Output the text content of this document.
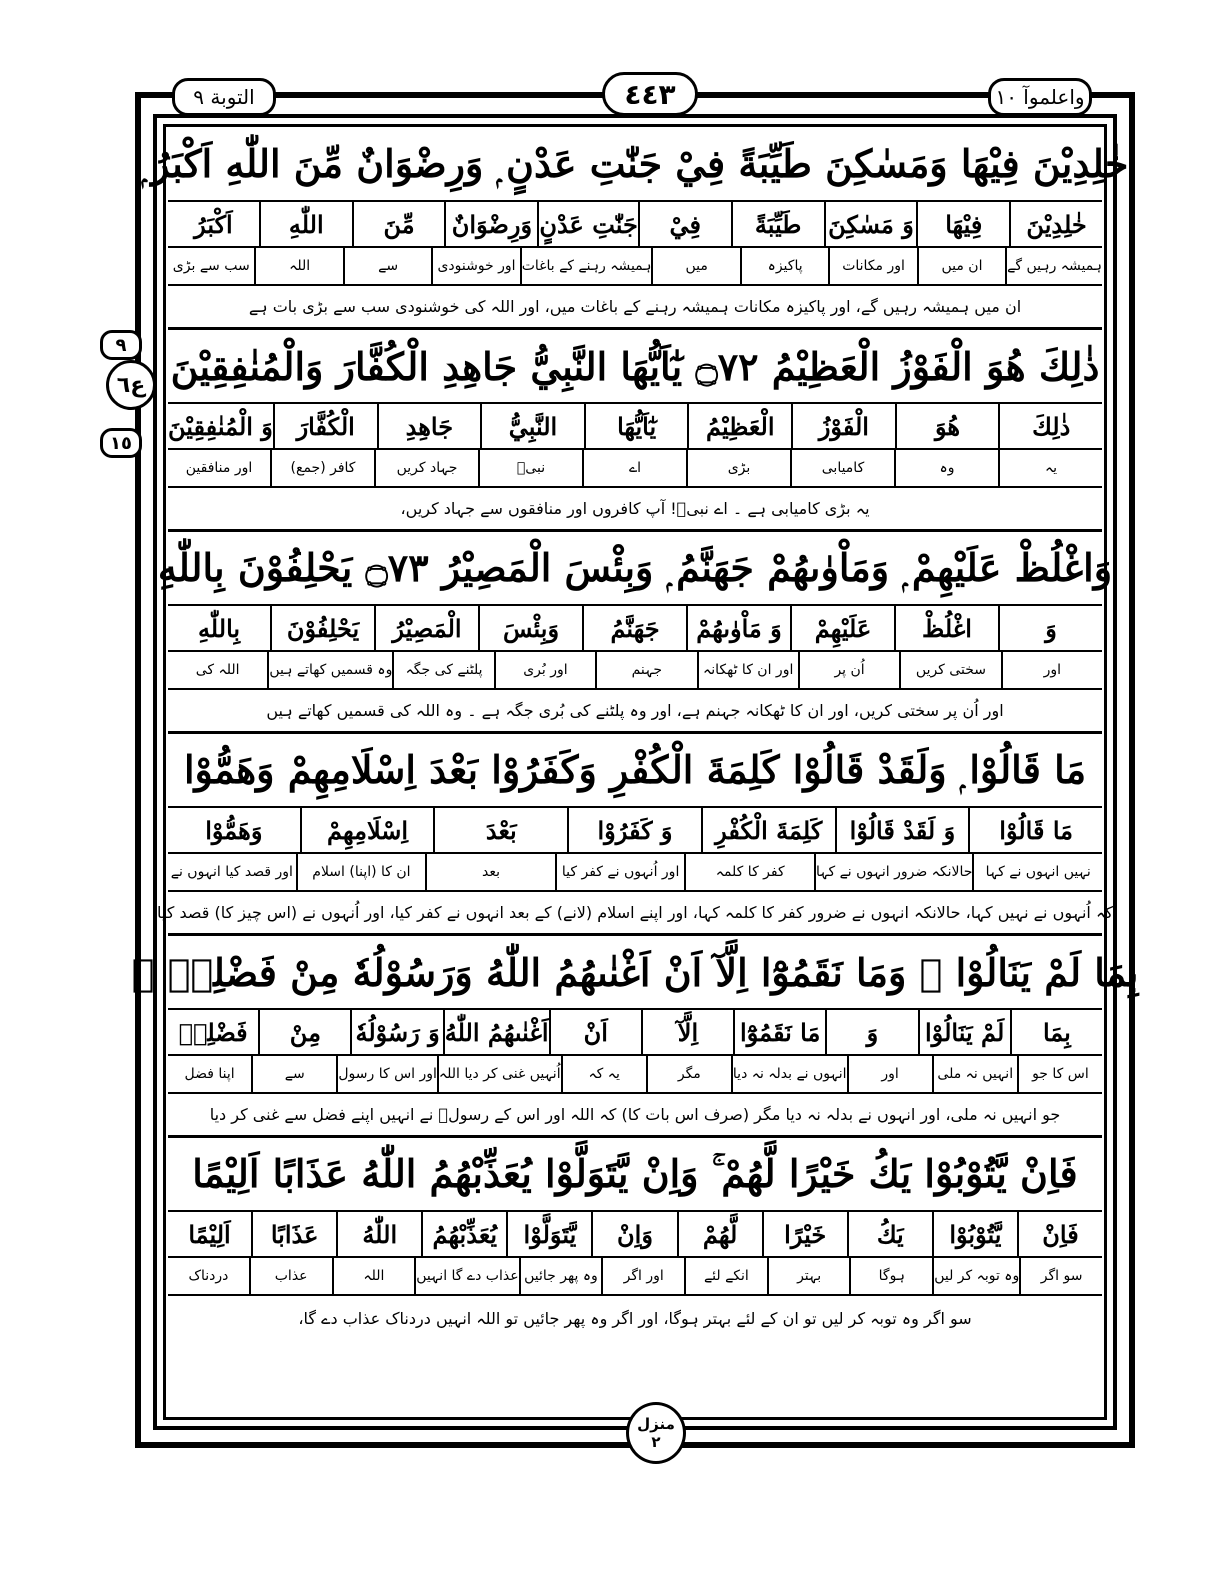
التوبة ٩	٤٤٣	واعلموآ ١٠
٩
ع٦
١٥
خٰلِدِيْنَ فِيْهَا وَمَسٰكِنَ طَيِّبَةً فِيْ جَنّٰتِ عَدْنٍ ۭ وَرِضْوَانٌ مِّنَ اللّٰهِ اَكْبَرُ ۭ
خٰلِدِيْنَ
فِيْهَا
وَ مَسٰكِنَ
طَيِّبَةً
فِيْ
جَنّٰتِ عَدْنٍ
وَرِضْوَانٌ
مِّنَ
اللّٰهِ
اَكْبَرُ
ہمیشہ رہیں گے
ان میں
اور مکانات
پاکیزہ
میں
ہمیشہ رہنے کے باغات
اور خوشنودی
سے
اللہ
سب سے بڑی
ان میں ہمیشہ رہیں گے، اور پاکیزہ مکانات ہمیشہ رہنے کے باغات میں، اور اللہ کی خوشنودی سب سے بڑی بات ہے
ذٰلِكَ هُوَ الْفَوْزُ الْعَظِيْمُ ۝٧٢ يٰٓاَيُّهَا النَّبِيُّ جَاهِدِ الْكُفَّارَ وَالْمُنٰفِقِيْنَ
ذٰلِكَ
هُوَ
الْفَوْزُ
الْعَظِيْمُ
يٰٓاَيُّهَا
النَّبِيُّ
جَاهِدِ
الْكُفَّارَ
وَ الْمُنٰفِقِيْنَ
یہ
وہ
کامیابی
بڑی
اے
نبیؐ
جہاد کریں
کافر (جمع)
اور منافقین
یہ بڑی کامیابی ہے ۔ اے نبیؐ! آپ کافروں اور منافقوں سے جہاد کریں،
وَاغْلُظْ عَلَيْهِمْ ۭ وَمَاْوٰىهُمْ جَهَنَّمُ ۭ وَبِئْسَ الْمَصِيْرُ ۝٧٣ يَحْلِفُوْنَ بِاللّٰهِ
وَ
اغْلُظْ
عَلَيْهِمْ
وَ مَاْوٰىهُمْ
جَهَنَّمُ
وَبِئْسَ
الْمَصِيْرُ
يَحْلِفُوْنَ
بِاللّٰهِ
اور
سختی کریں
اُن پر
اور ان کا ٹھکانہ
جہنم
اور بُری
پلٹنے کی جگہ
وہ قسمیں کھاتے ہیں
اللہ کی
اور اُن پر سختی کریں، اور ان کا ٹھکانہ جہنم ہے، اور وہ پلٹنے کی بُری جگہ ہے ۔ وہ اللہ کی قسمیں کھاتے ہیں
مَا قَالُوْا ۭ وَلَقَدْ قَالُوْا كَلِمَةَ الْكُفْرِ وَكَفَرُوْا بَعْدَ اِسْلَامِهِمْ وَهَمُّوْا
مَا قَالُوْا
وَ لَقَدْ قَالُوْا
كَلِمَةَ الْكُفْرِ
وَ كَفَرُوْا
بَعْدَ
اِسْلَامِهِمْ
وَهَمُّوْا
نہیں انہوں نے کہا
حالانکہ ضرور انہوں نے کہا
کفر کا کلمہ
اور اُنہوں نے کفر کیا
بعد
ان کا (اپنا) اسلام
اور قصد کیا انہوں نے
کہ اُنہوں نے نہیں کہا، حالانکہ انہوں نے ضرور کفر کا کلمہ کہا، اور اپنے اسلام (لانے) کے بعد انہوں نے کفر کیا، اور اُنہوں نے (اس چیز کا) قصد کیا
بِمَا لَمْ يَنَالُوْا ۚ وَمَا نَقَمُوْٓا اِلَّآ اَنْ اَغْنٰىهُمُ اللّٰهُ وَرَسُوْلُهٗ مِنْ فَضْلِهٖ ۚ
بِمَا
لَمْ يَنَالُوْا
وَ
مَا نَقَمُوْٓا
اِلَّآ
اَنْ
اَغْنٰىهُمُ اللّٰهُ
وَ رَسُوْلُهٗ
مِنْ
فَضْلِهٖ
اس کا جو
انہیں نہ ملی
اور
انہوں نے بدلہ نہ دیا
مگر
یہ کہ
اُنہیں غنی کر دیا اللہ
اور اس کا رسول
سے
اپنا فضل
جو انہیں نہ ملی، اور انہوں نے بدلہ نہ دیا مگر (صرف اس بات کا) کہ اللہ اور اس کے رسولؐ نے انہیں اپنے فضل سے غنی کر دیا
فَاِنْ يَّتُوْبُوْا يَكُ خَيْرًا لَّهُمْ ۚ وَاِنْ يَّتَوَلَّوْا يُعَذِّبْهُمُ اللّٰهُ عَذَابًا اَلِيْمًا
فَاِنْ
يَّتُوْبُوْا
يَكُ
خَيْرًا
لَّهُمْ
وَاِنْ
يَّتَوَلَّوْا
يُعَذِّبْهُمُ
اللّٰهُ
عَذَابًا
اَلِيْمًا
سو اگر
وہ توبہ کر لیں
ہوگا
بہتر
انکے لئے
اور اگر
وہ پھر جائیں
عذاب دے گا انہیں
اللہ
عذاب
دردناک
سو اگر وہ توبہ کر لیں تو ان کے لئے بہتر ہوگا، اور اگر وہ پھر جائیں تو اللہ انہیں دردناک عذاب دے گا،
منزل
٢
